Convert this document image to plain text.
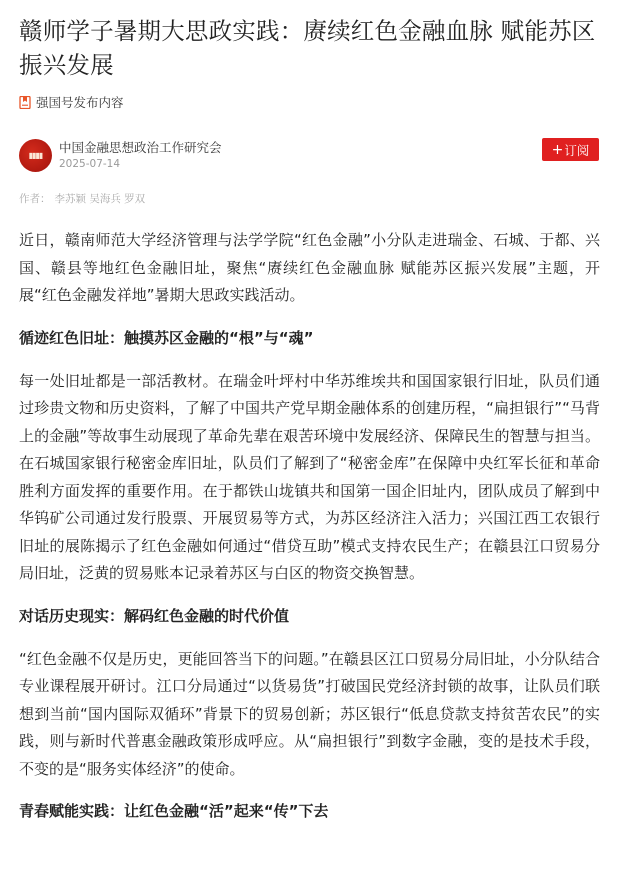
赣师学子暑期大思政实践：赓续红色金融血脉 赋能苏区振兴发展
强国号发布内容
▮▮▮▮
中国金融思想政治工作研究会
2025-07-14
+ 订阅
作者： 李苏颖 吴海兵 罗双

近日，赣南师范大学经济管理与法学学院“红色金融”小分队走进瑞金、石城、于都、兴国、赣县等地红色金融旧址，聚焦“赓续红色金融血脉 赋能苏区振兴发展”主题，开展“红色金融发祥地”暑期大思政实践活动。

循迹红色旧址：触摸苏区金融的“根”与“魂”

每一处旧址都是一部活教材。在瑞金叶坪村中华苏维埃共和国国家银行旧址，队员们通过珍贵文物和历史资料，了解了中国共产党早期金融体系的创建历程，“扁担银行”“马背上的金融”等故事生动展现了革命先辈在艰苦环境中发展经济、保障民生的智慧与担当。在石城国家银行秘密金库旧址，队员们了解到了“秘密金库”在保障中央红军长征和革命胜利方面发挥的重要作用。在于都铁山垅镇共和国第一国企旧址内，团队成员了解到中华钨矿公司通过发行股票、开展贸易等方式，为苏区经济注入活力；兴国江西工农银行旧址的展陈揭示了红色金融如何通过“借贷互助”模式支持农民生产；在赣县江口贸易分局旧址，泛黄的贸易账本记录着苏区与白区的物资交换智慧。

对话历史现实：解码红色金融的时代价值

“红色金融不仅是历史，更能回答当下的问题。”在赣县区江口贸易分局旧址，小分队结合专业课程展开研讨。江口分局通过“以货易货”打破国民党经济封锁的故事，让队员们联想到当前“国内国际双循环”背景下的贸易创新；苏区银行“低息贷款支持贫苦农民”的实践，则与新时代普惠金融政策形成呼应。从“扁担银行”到数字金融，变的是技术手段，不变的是“服务实体经济”的使命。

青春赋能实践：让红色金融“活”起来“传”下去
